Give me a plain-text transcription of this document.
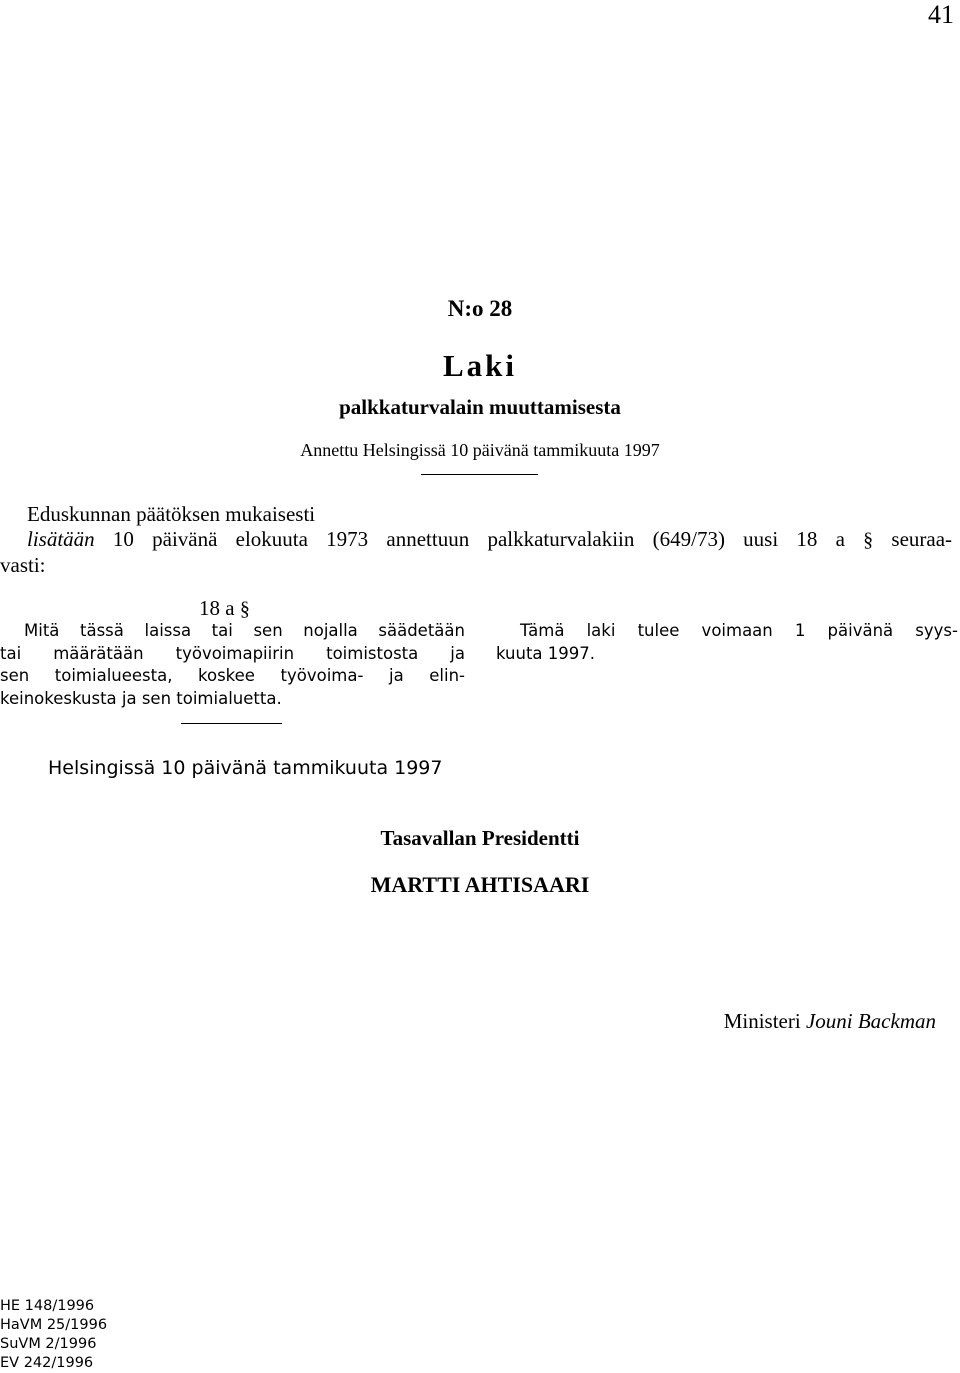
41
N:o 28
Laki
palkkaturvalain muuttamisesta
Annettu Helsingissä 10 päivänä tammikuuta 1997
Eduskunnan päätöksen mukaisesti
lisätään 10 päivänä elokuuta 1973 annettuun palkkaturvalakiin (649/73) uusi 18 a § seuraa-
vasti:
18 a §
Mitä tässä laissa tai sen nojalla säädetään
tai määrätään työvoimapiirin toimistosta ja
sen toimialueesta, koskee työvoima- ja elin-
keinokeskusta ja sen toimialuetta.
Tämä laki tulee voimaan 1 päivänä syys-
kuuta 1997.
Helsingissä 10 päivänä tammikuuta 1997
Tasavallan Presidentti
MARTTI AHTISAARI
Ministeri Jouni Backman
HE 148/1996
HaVM 25/1996
SuVM 2/1996
EV 242/1996
